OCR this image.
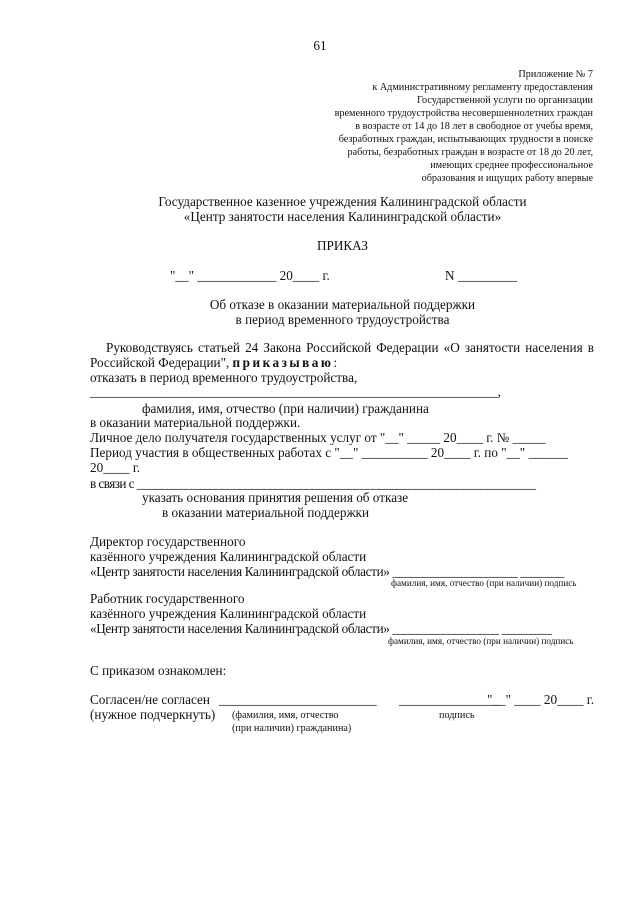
61
Приложение № 7
к Административному регламенту предоставления
Государственной услуги по организации
временного трудоустройства несовершеннолетних граждан
в возрасте от 14 до 18 лет в свободное от учебы время,
безработных граждан, испытывающих трудности в поиске
работы, безработных граждан в возрасте от 18 до 20 лет,
имеющих среднее профессиональное
образования и ищущих работу впервые
Государственное казенное учреждения Калининградской области
«Центр занятости населения Калининградской области»
ПРИКАЗ
"__" ____________ 20____ г.	N _________
Об отказе в оказании материальной поддержки
в период временного трудоустройства
Руководствуясь статьей 24 Закона Российской Федерации «О занятости населения в
Российской Федерации", приказываю:
отказать в период временного трудоустройства,
____________________________________________________________________,
фамилия, имя, отчество (при наличии) гражданина
в оказании материальной поддержки.
Личное дело получателя государственных услуг от "__" _____ 20____ г. № _____
Период участия в общественных работах с "__" __________ 20____ г. по "__" ______
20____ г.
в связи с __________________________________________________________________
указать основания принятия решения об отказе
в оказании материальной поддержки
Директор государственного
казённого учреждения Калининградской области
«Центр занятости населения Калининградской области» ____________________ _______
фамилия, имя, отчество (при наличии) подпись
Работник государственного
казённого учреждения Калининградской области
«Центр занятости населения Калининградской области» _________________ ________
фамилия, имя, отчество (при наличии) подпись
С приказом ознакомлен:
Согласен/не согласен
(нужное подчеркнуть)
_________________________ ________________
"__" ____ 20____ г.
(фамилия, имя, отчество
(при наличии) гражданина)
подпись
